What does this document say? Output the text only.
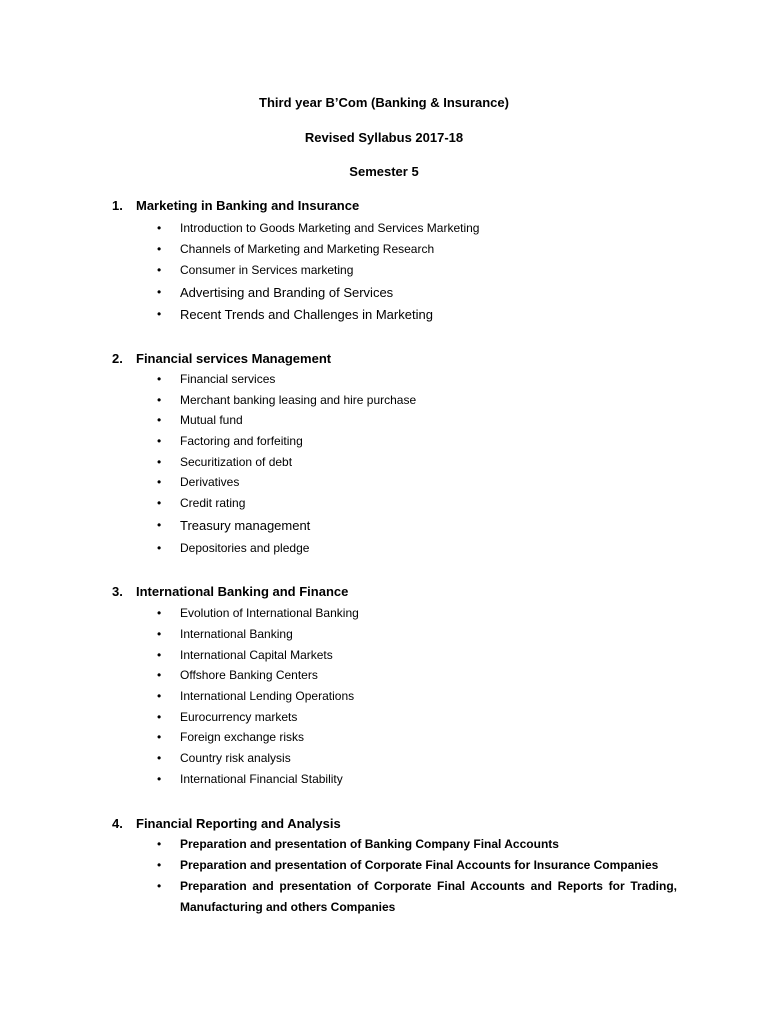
Third year B’Com (Banking & Insurance)
Revised Syllabus 2017-18
Semester 5
1. Marketing in Banking and Insurance
• Introduction to Goods Marketing and Services Marketing
• Channels of Marketing and Marketing Research
• Consumer in Services marketing
• Advertising and Branding of Services
• Recent Trends and Challenges in Marketing
2. Financial services Management
• Financial services
• Merchant banking leasing and hire purchase
• Mutual fund
• Factoring and forfeiting
• Securitization of debt
• Derivatives
• Credit rating
• Treasury management
• Depositories and pledge
3. International Banking and Finance
• Evolution of International Banking
• International Banking
• International Capital Markets
• Offshore Banking Centers
• International Lending Operations
• Eurocurrency markets
• Foreign exchange risks
• Country risk analysis
• International Financial Stability
4. Financial Reporting and Analysis
• Preparation and presentation of Banking Company Final Accounts
• Preparation and presentation of Corporate Final Accounts for Insurance Companies
• Preparation and presentation of Corporate Final Accounts and Reports for Trading, Manufacturing and others Companies
